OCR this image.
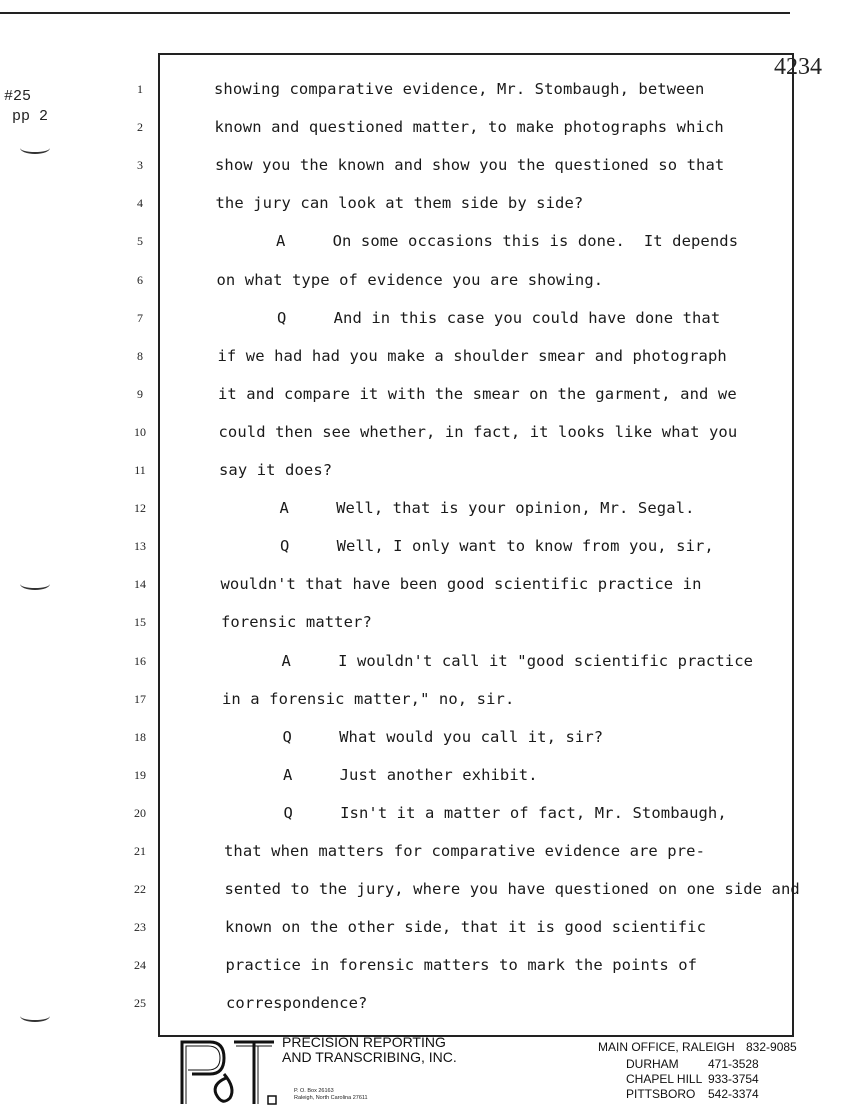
#25
pp 2
4234
1	showing comparative evidence, Mr. Stombaugh, between
2	known and questioned matter, to make photographs which
3	show you the known and show you the questioned so that
4	the jury can look at them side by side?
5	A     On some occasions this is done.  It depends
6	on what type of evidence you are showing.
7	Q     And in this case you could have done that
8	if we had had you make a shoulder smear and photograph
9	it and compare it with the smear on the garment, and we
10	could then see whether, in fact, it looks like what you
11	say it does?
12	A     Well, that is your opinion, Mr. Segal.
13	Q     Well, I only want to know from you, sir,
14	wouldn't that have been good scientific practice in
15	forensic matter?
16	A     I wouldn't call it "good scientific practice
17	in a forensic matter," no, sir.
18	Q     What would you call it, sir?
19	A     Just another exhibit.
20	Q     Isn't it a matter of fact, Mr. Stombaugh,
21	that when matters for comparative evidence are pre-
22	sented to the jury, where you have questioned on one side and
23	known on the other side, that it is good scientific
24	practice in forensic matters to mark the points of
25	correspondence?
PRECISION REPORTING
AND TRANSCRIBING, INC.
P. O. Box 26163
Raleigh, North Carolina 27611
MAIN OFFICE, RALEIGH 832-9085
DURHAM 471-3528
CHAPEL HILL 933-3754
PITTSBORO 542-3374
